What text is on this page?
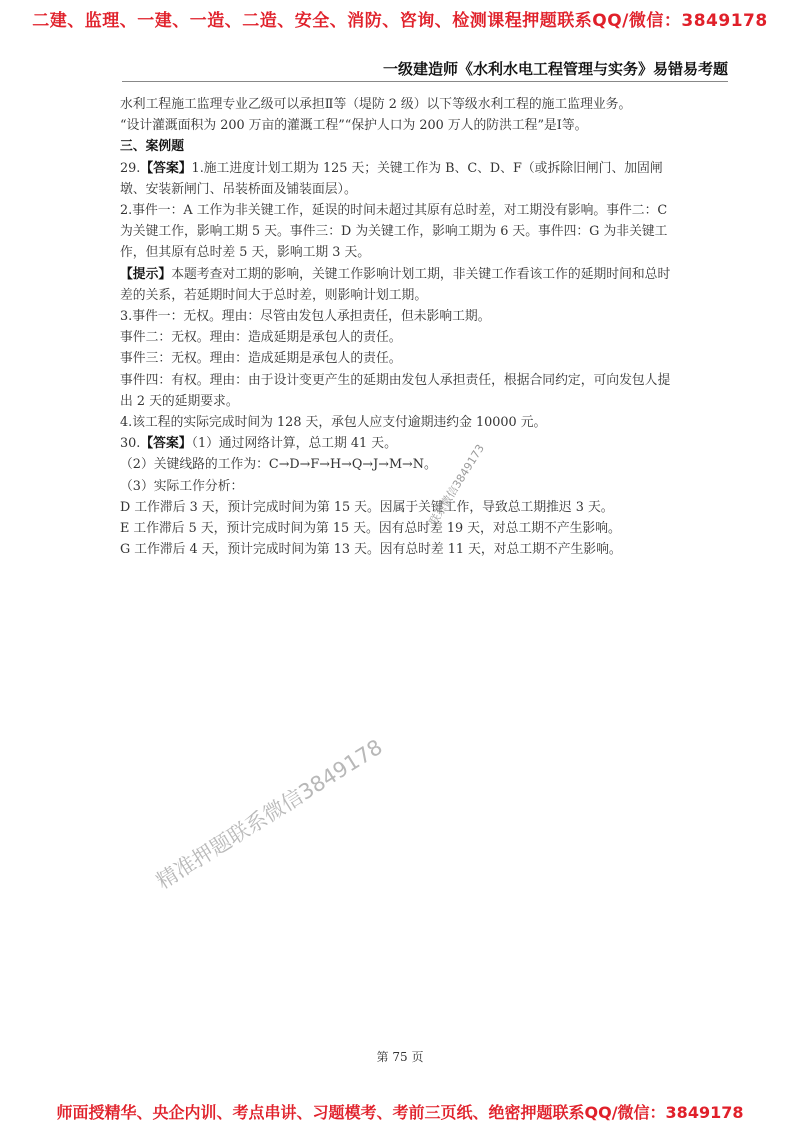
二建、监理、一建、一造、二造、安全、消防、咨询、检测课程押题联系QQ/微信：3849178
一级建造师《水利水电工程管理与实务》易错易考题

水利工程施工监理专业乙级可以承担Ⅱ等（堤防 2 级）以下等级水利工程的施工监理业务。

“设计灌溉面积为 200 万亩的灌溉工程”“保护人口为 200 万人的防洪工程”是Ⅰ等。

三、案例题

29.【答案】1.施工进度计划工期为 125 天；关键工作为 B、C、D、F（或拆除旧闸门、加固闸墩、安装新闸门、吊装桥面及铺装面层）。

2.事件一：A 工作为非关键工作，延误的时间未超过其原有总时差，对工期没有影响。事件二：C 为关键工作，影响工期 5 天。事件三：D 为关键工作，影响工期为 6 天。事件四：G 为非关键工作，但其原有总时差 5 天，影响工期 3 天。

【提示】本题考查对工期的影响，关键工作影响计划工期，非关键工作看该工作的延期时间和总时差的关系，若延期时间大于总时差，则影响计划工期。

3.事件一：无权。理由：尽管由发包人承担责任，但未影响工期。

事件二：无权。理由：造成延期是承包人的责任。

事件三：无权。理由：造成延期是承包人的责任。

事件四：有权。理由：由于设计变更产生的延期由发包人承担责任，根据合同约定，可向发包人提出 2 天的延期要求。

4.该工程的实际完成时间为 128 天，承包人应支付逾期违约金 10000 元。

30.【答案】（1）通过网络计算，总工期 41 天。

（2）关键线路的工作为：C→D→F→H→Q→J→M→N。

（3）实际工作分析：

D 工作滞后 3 天，预计完成时间为第 15 天。因属于关键工作，导致总工期推迟 3 天。

E 工作滞后 5 天，预计完成时间为第 15 天。因有总时差 19 天，对总工期不产生影响。

G 工作滞后 4 天，预计完成时间为第 13 天。因有总时差 11 天，对总工期不产生影响。

联系微信3849173
精准押题联系微信3849178
第 75 页
师面授精华、央企内训、考点串讲、习题模考、考前三页纸、绝密押题联系QQ/微信：3849178
